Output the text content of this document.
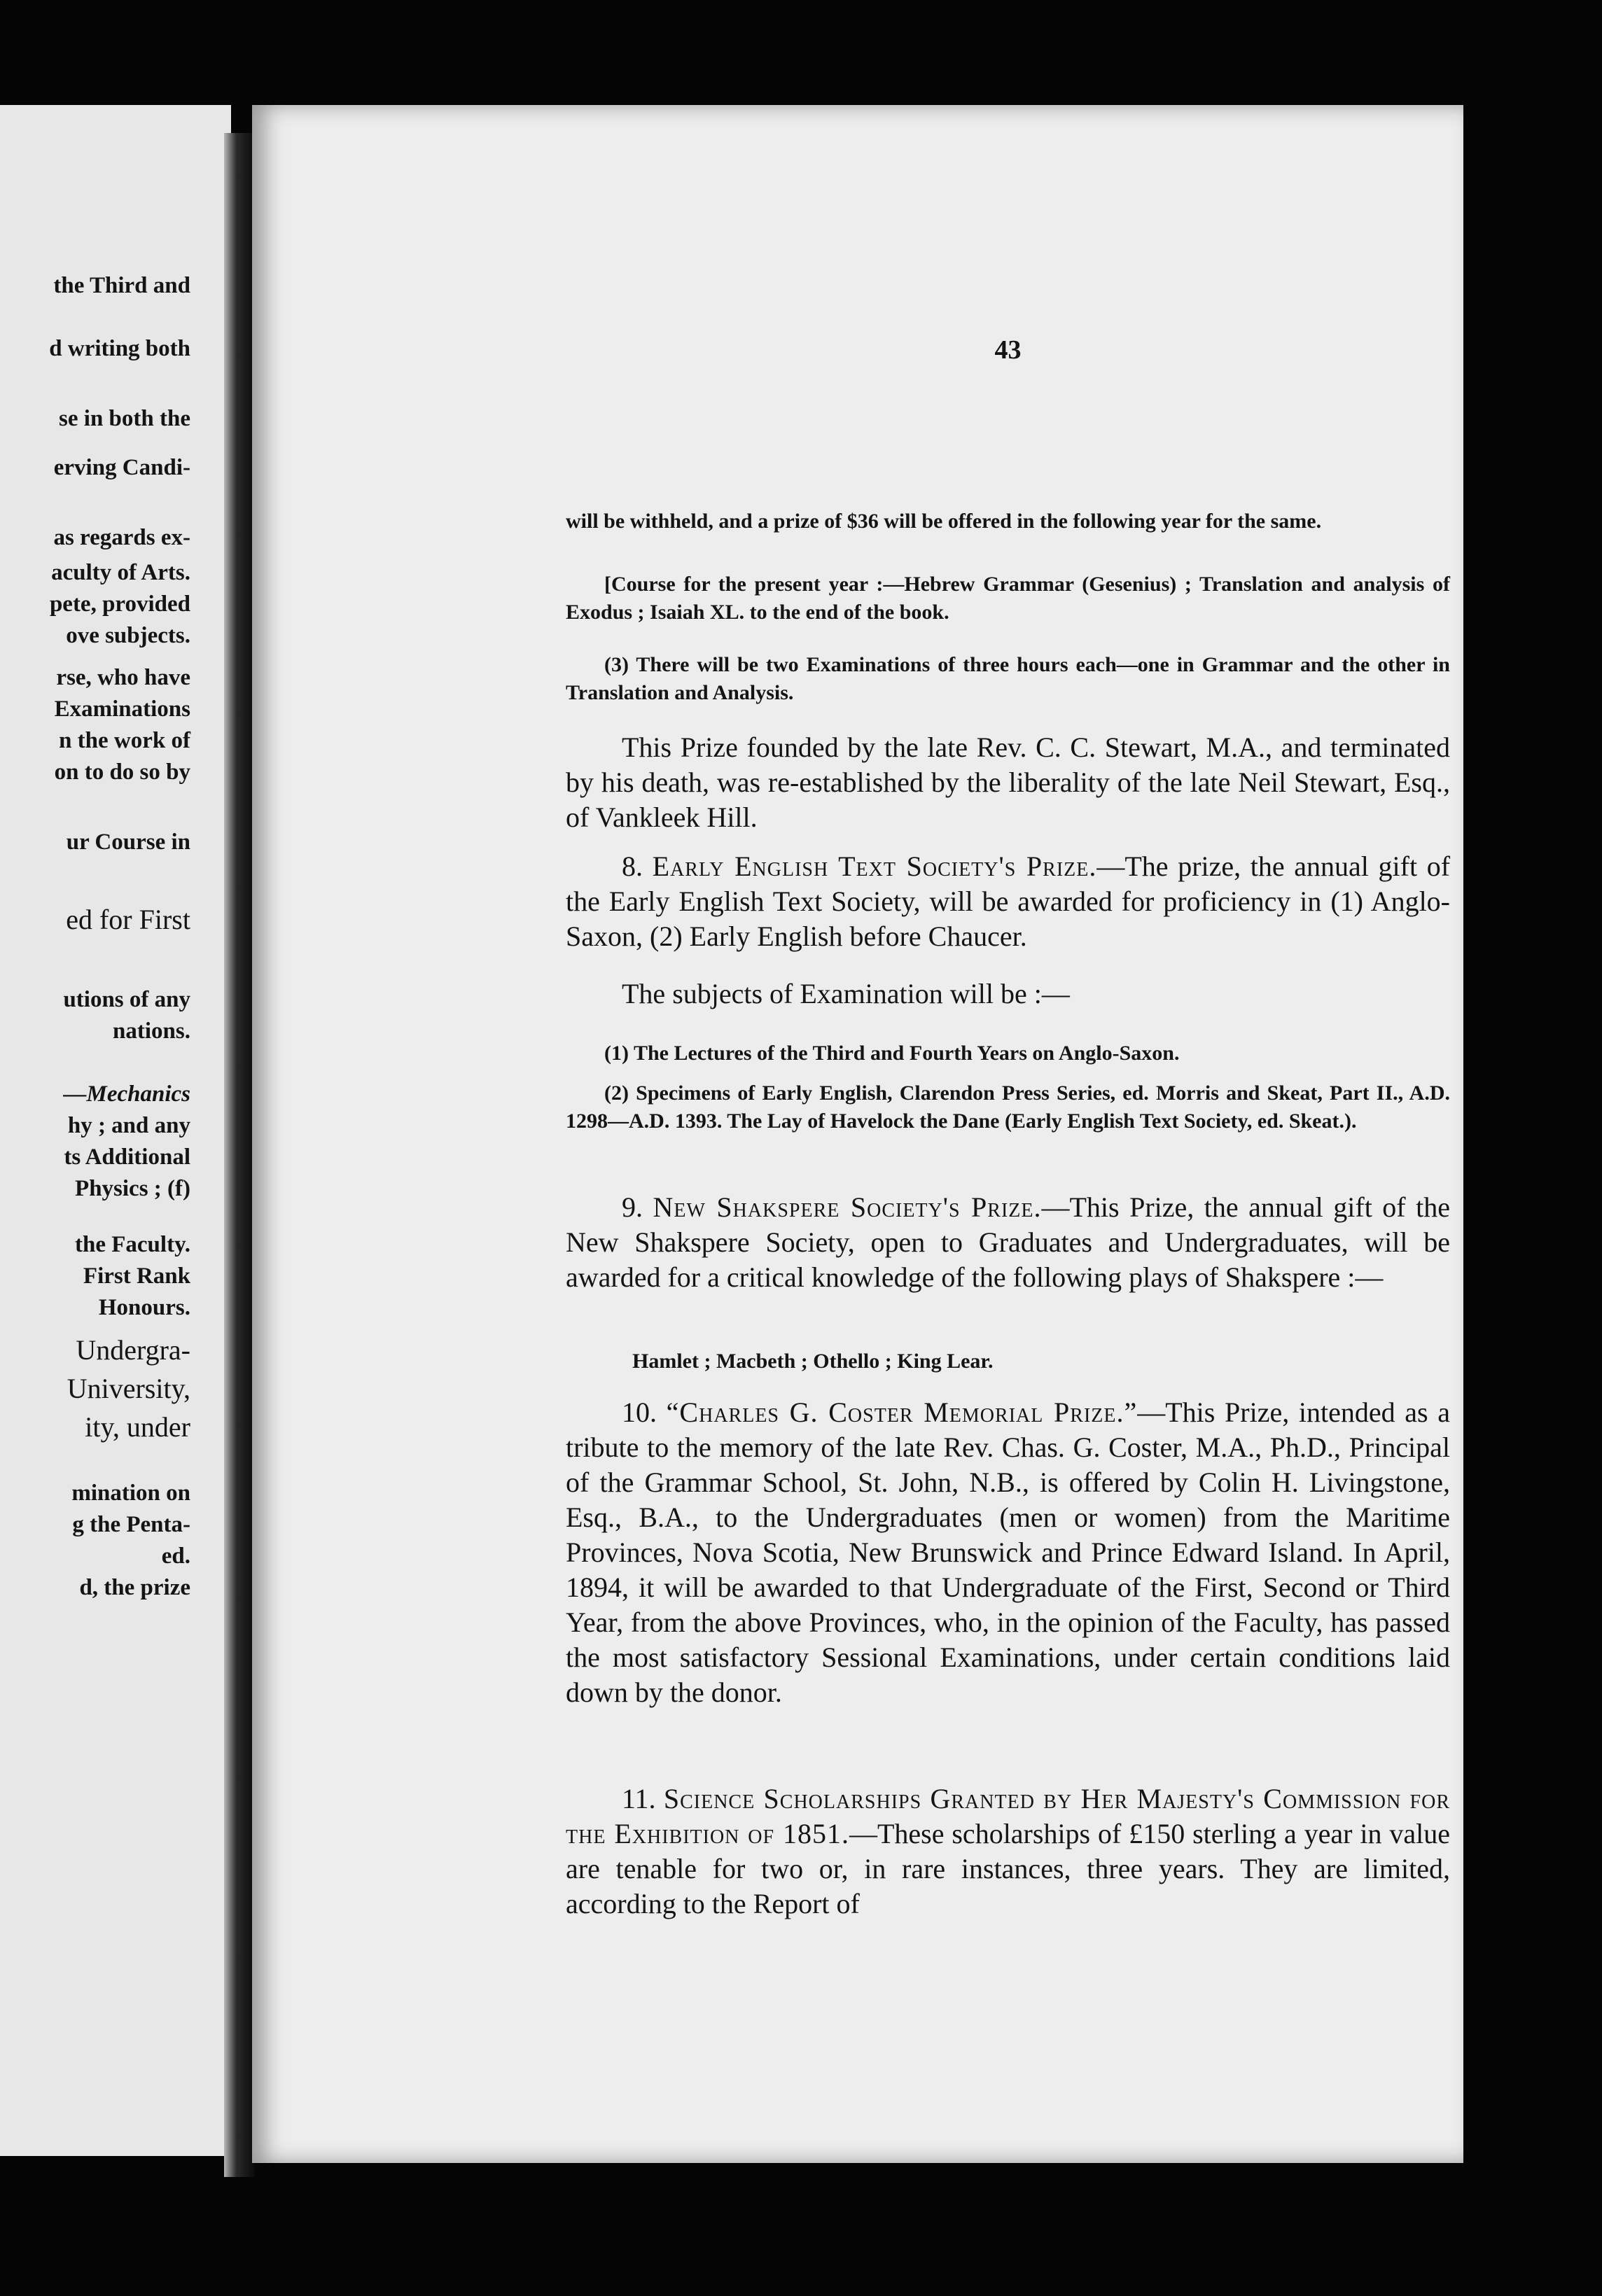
the Third and
d writing both
se in both the
erving Candi-
as regards ex-
aculty of Arts.
pete, provided
ove subjects.
rse, who have
Examinations
n the work of
on to do so by
ur Course in
ed for First
utions of any
nations.
—Mechanics
hy ; and any
ts Additional
Physics ; (f)
the Faculty.
First Rank
Honours.
Undergra-
University,
ity, under
mination on
g the Penta-
ed.
d, the prize
43

will be withheld, and a prize of $36 will be offered in the following year for the same.

[Course for the present year :—Hebrew Grammar (Gesenius) ; Translation and analysis of Exodus ; Isaiah XL. to the end of the book.

(3) There will be two Examinations of three hours each—one in Grammar and the other in Translation and Analysis.

This Prize founded by the late Rev. C. C. Stewart, M.A., and terminated by his death, was re-established by the liberality of the late Neil Stewart, Esq., of Vankleek Hill.

8. Early English Text Society's Prize.—The prize, the annual gift of the Early English Text Society, will be awarded for proficiency in (1) Anglo-Saxon, (2) Early English before Chaucer.

The subjects of Examination will be :—

(1) The Lectures of the Third and Fourth Years on Anglo-Saxon.

(2) Specimens of Early English, Clarendon Press Series, ed. Morris and Skeat, Part II., A.D. 1298—A.D. 1393. The Lay of Havelock the Dane (Early English Text Society, ed. Skeat.).

9. New Shakspere Society's Prize.—This Prize, the annual gift of the New Shakspere Society, open to Graduates and Undergraduates, will be awarded for a critical knowledge of the following plays of Shakspere :—

Hamlet ; Macbeth ; Othello ; King Lear.

10. “Charles G. Coster Memorial Prize.”—This Prize, intended as a tribute to the memory of the late Rev. Chas. G. Coster, M.A., Ph.D., Principal of the Grammar School, St. John, N.B., is offered by Colin H. Livingstone, Esq., B.A., to the Undergraduates (men or women) from the Maritime Provinces, Nova Scotia, New Brunswick and Prince Edward Island. In April, 1894, it will be awarded to that Undergraduate of the First, Second or Third Year, from the above Provinces, who, in the opinion of the Faculty, has passed the most satisfactory Sessional Examinations, under certain conditions laid down by the donor.

11. Science Scholarships Granted by Her Majesty's Commission for the Exhibition of 1851.—These scholarships of £150 sterling a year in value are tenable for two or, in rare instances, three years. They are limited, according to the Report of
